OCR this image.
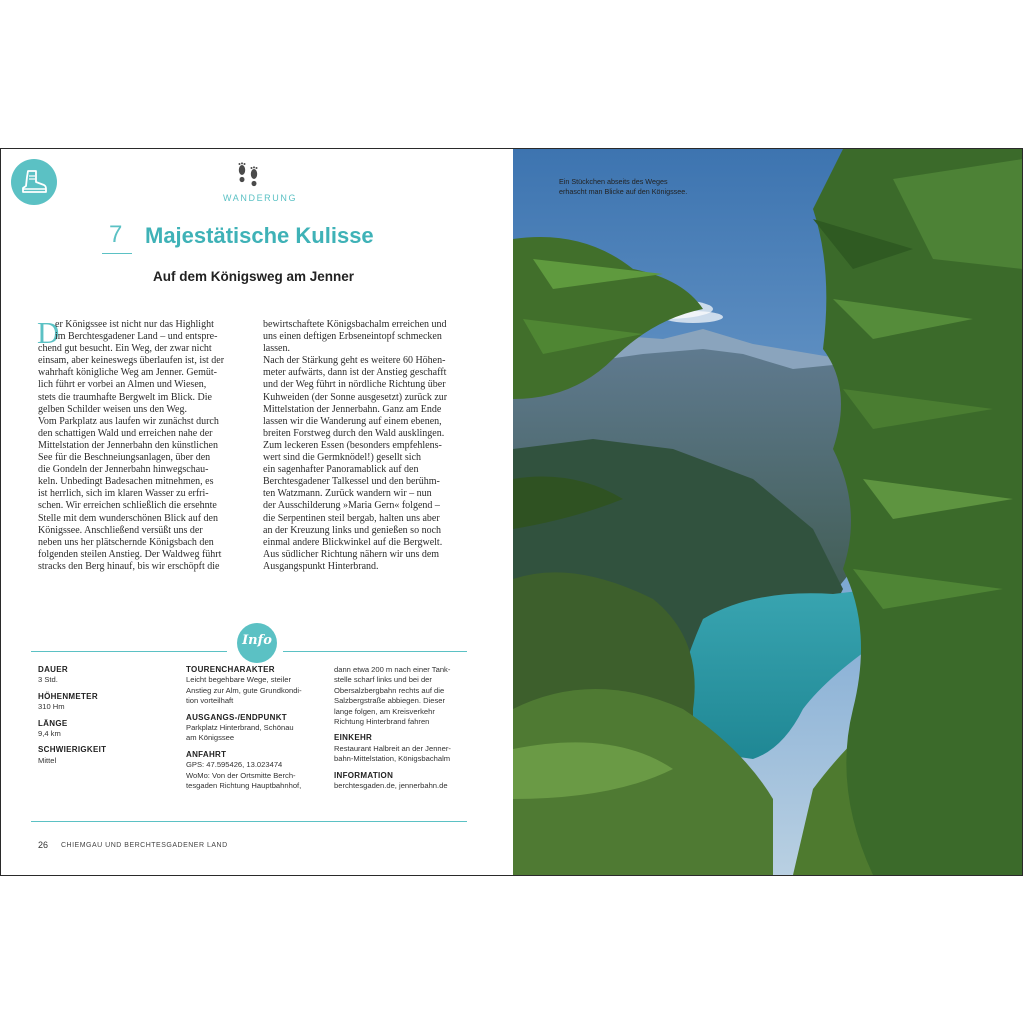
WANDERUNG
7 Majestätische Kulisse
Auf dem Königsweg am Jenner
D
er Königssee ist nicht nur das Highlight
im Berchtesgadener Land – und entspre-
chend gut besucht. Ein Weg, der zwar nicht
einsam, aber keineswegs überlaufen ist, ist der
wahrhaft königliche Weg am Jenner. Gemüt-
lich führt er vorbei an Almen und Wiesen,
stets die traumhafte Bergwelt im Blick. Die
gelben Schilder weisen uns den Weg.
Vom Parkplatz aus laufen wir zunächst durch
den schattigen Wald und erreichen nahe der
Mittelstation der Jennerbahn den künstlichen
See für die Beschneiungsanlagen, über den
die Gondeln der Jennerbahn hinwegschau-
keln. Unbedingt Badesachen mitnehmen, es
ist herrlich, sich im klaren Wasser zu erfri-
schen. Wir erreichen schließlich die ersehnte
Stelle mit dem wunderschönen Blick auf den
Königssee. Anschließend versüßt uns der
neben uns her plätschernde Königsbach den
folgenden steilen Anstieg. Der Waldweg führt
stracks den Berg hinauf, bis wir erschöpft die
bewirtschaftete Königsbachalm erreichen und
uns einen deftigen Erbseneintopf schmecken
lassen.
Nach der Stärkung geht es weitere 60 Höhen-
meter aufwärts, dann ist der Anstieg geschafft
und der Weg führt in nördliche Richtung über
Kuhweiden (der Sonne ausgesetzt) zurück zur
Mittelstation der Jennerbahn. Ganz am Ende
lassen wir die Wanderung auf einem ebenen,
breiten Forstweg durch den Wald ausklingen.
Zum leckeren Essen (besonders empfehlens-
wert sind die Germknödel!) gesellt sich
ein sagenhafter Panoramablick auf den
Berchtesgadener Talkessel und den berühm-
ten Watzmann. Zurück wandern wir – nun
der Ausschilderung »Maria Gern« folgend –
die Serpentinen steil bergab, halten uns aber
an der Kreuzung links und genießen so noch
einmal andere Blickwinkel auf die Bergwelt.
Aus südlicher Richtung nähern wir uns dem
Ausgangspunkt Hinterbrand.
Info
DAUER
3 Std.
HÖHENMETER
310 Hm
LÄNGE
9,4 km
SCHWIERIGKEIT
Mittel
TOURENCHARAKTER
Leicht begehbare Wege, steiler
Anstieg zur Alm, gute Grundkondi-
tion vorteilhaft
AUSGANGS-/ENDPUNKT
Parkplatz Hinterbrand, Schönau
am Königssee
ANFAHRT
GPS: 47.595426, 13.023474
WoMo: Von der Ortsmitte Berch-
tesgaden Richtung Hauptbahnhof,
dann etwa 200 m nach einer Tank-
stelle scharf links und bei der
Obersalzbergbahn rechts auf die
Salzbergstraße abbiegen. Dieser
lange folgen, am Kreisverkehr
Richtung Hinterbrand fahren
EINKEHR
Restaurant Halbreit an der Jenner-
bahn-Mittelstation, Königsbachalm
INFORMATION
berchtesgaden.de, jennerbahn.de
26 CHIEMGAU UND BERCHTESGADENER LAND
Ein Stückchen abseits des Weges
erhascht man Blicke auf den Königssee.
